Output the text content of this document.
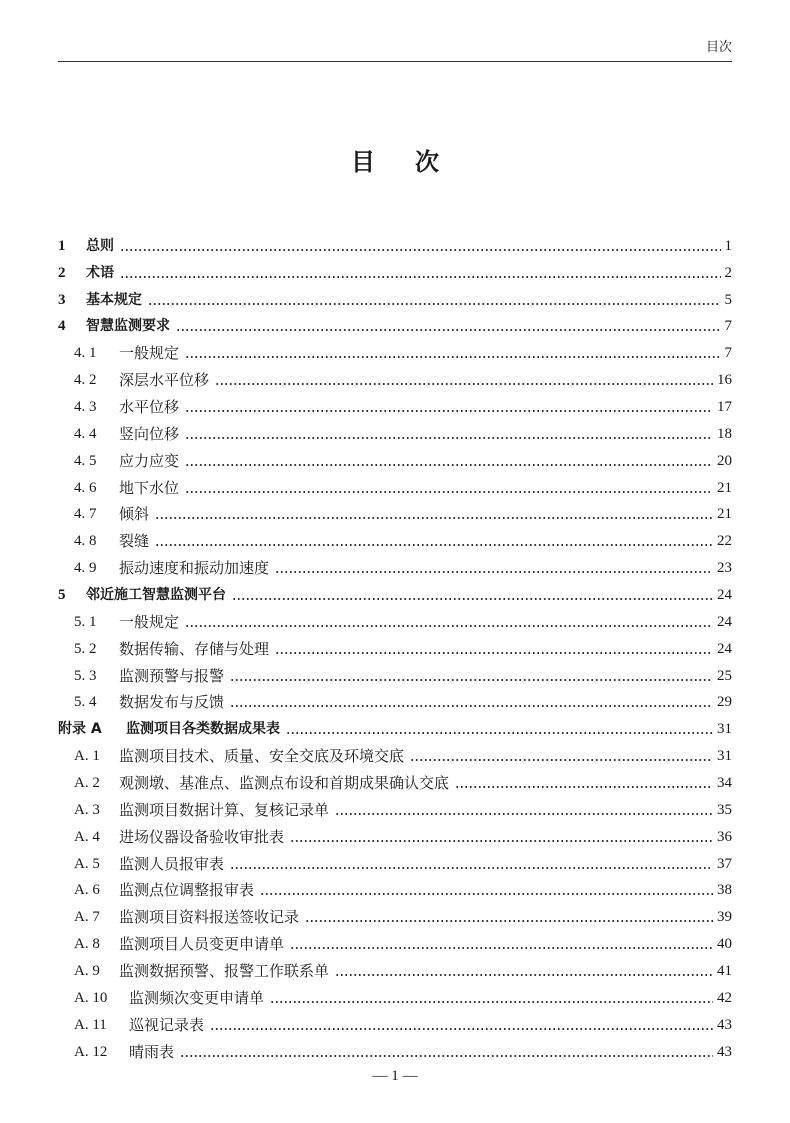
目次
目次
1	总则	1
2	术语	2
3	基本规定	5
4	智慧监测要求	7
4. 1	一般规定	7
4. 2	深层水平位移	16
4. 3	水平位移	17
4. 4	竖向位移	18
4. 5	应力应变	20
4. 6	地下水位	21
4. 7	倾斜	21
4. 8	裂缝	22
4. 9	振动速度和振动加速度	23
5	邻近施工智慧监测平台	24
5. 1	一般规定	24
5. 2	数据传输、存储与处理	24
5. 3	监测预警与报警	25
5. 4	数据发布与反馈	29
附录 A	监测项目各类数据成果表	31
A. 1	监测项目技术、质量、安全交底及环境交底	31
A. 2	观测墩、基准点、监测点布设和首期成果确认交底	34
A. 3	监测项目数据计算、复核记录单	35
A. 4	进场仪器设备验收审批表	36
A. 5	监测人员报审表	37
A. 6	监测点位调整报审表	38
A. 7	监测项目资料报送签收记录	39
A. 8	监测项目人员变更申请单	40
A. 9	监测数据预警、报警工作联系单	41
A. 10	监测频次变更申请单	42
A. 11	巡视记录表	43
A. 12	晴雨表	43
— 1 —
